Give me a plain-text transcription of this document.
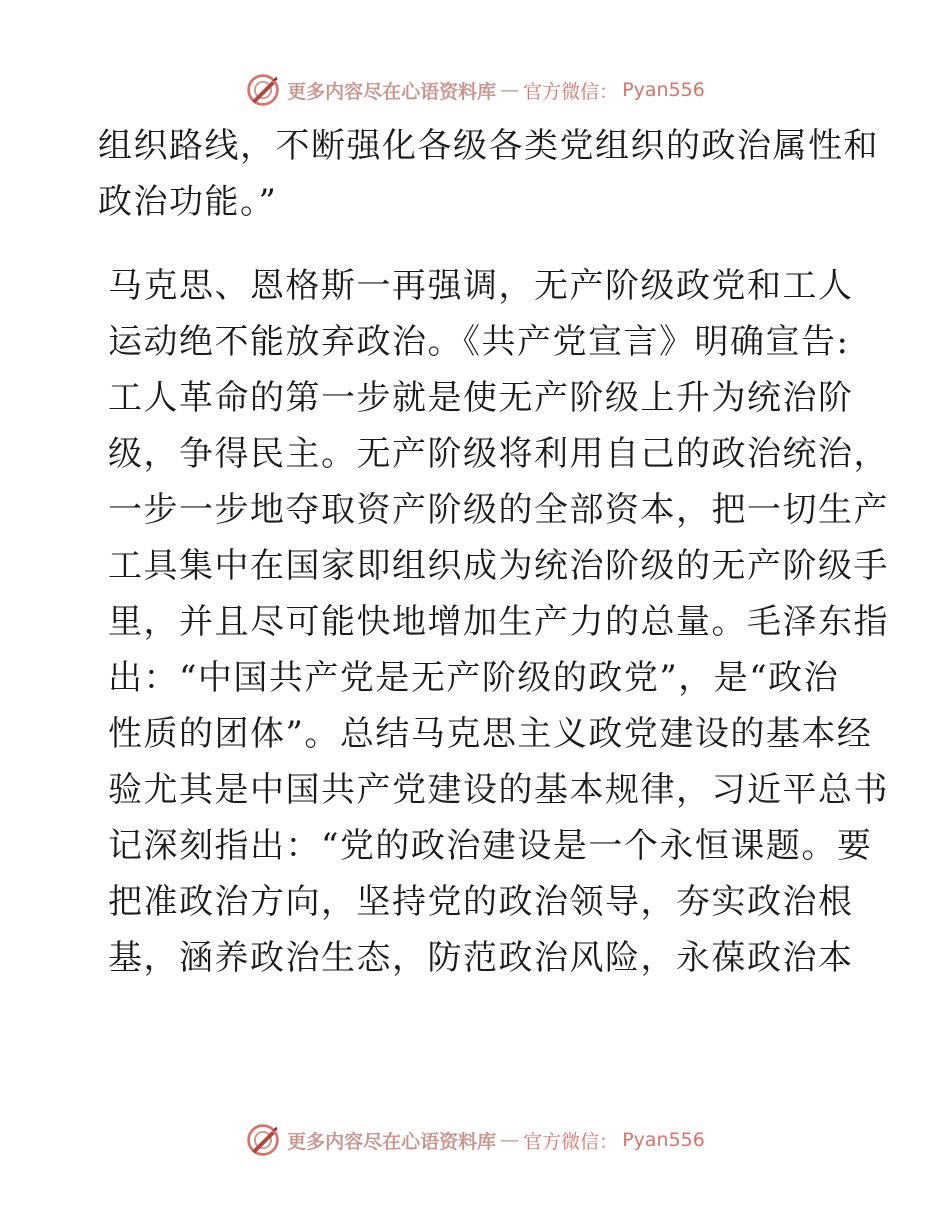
更多内容尽在心语资料库 — 官方微信： Pyan556
组织路线，不断强化各级各类党组织的政治属性和
政治功能。”
马克思、恩格斯一再强调，无产阶级政党和工人
运动绝不能放弃政治。《共产党宣言》明确宣告:
工人革命的第一步就是使无产阶级上升为统治阶
级，争得民主。无产阶级将利用自己的政治统治，
一步一步地夺取资产阶级的全部资本，把一切生产
工具集中在国家即组织成为统治阶级的无产阶级手
里，并且尽可能快地增加生产力的总量。毛泽东指
出：“中国共产党是无产阶级的政党”，是“政治
性质的团体”。总结马克思主义政党建设的基本经
验尤其是中国共产党建设的基本规律，习近平总书
记深刻指出：“党的政治建设是一个永恒课题。要
把准政治方向，坚持党的政治领导，夯实政治根
基，涵养政治生态，防范政治风险，永葆政治本
更多内容尽在心语资料库 — 官方微信： Pyan556
